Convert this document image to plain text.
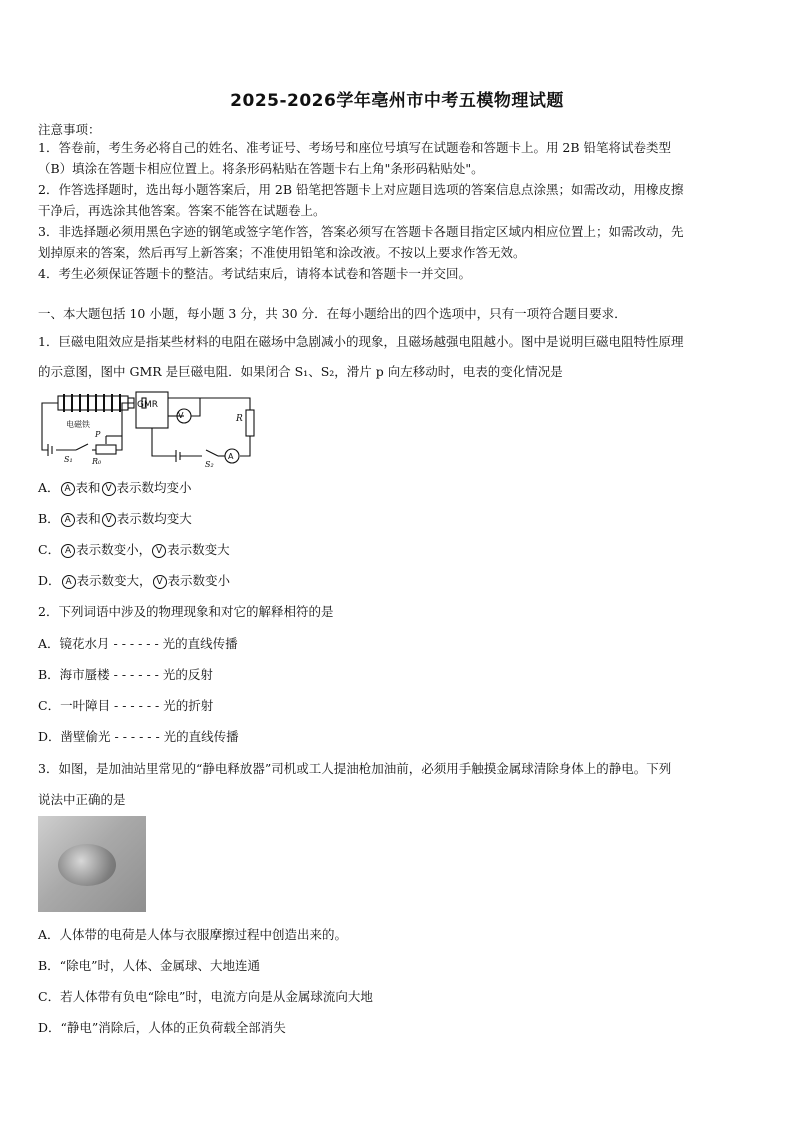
2025-2026学年亳州市中考五模物理试题
注意事项：
1．答卷前，考生务必将自己的姓名、准考证号、考场号和座位号填写在试题卷和答题卡上。用 2B 铅笔将试卷类型
（B）填涂在答题卡相应位置上。将条形码粘贴在答题卡右上角"条形码粘贴处"。
2．作答选择题时，选出每小题答案后，用 2B 铅笔把答题卡上对应题目选项的答案信息点涂黑；如需改动，用橡皮擦
干净后，再选涂其他答案。答案不能答在试题卷上。
3．非选择题必须用黑色字迹的钢笔或签字笔作答，答案必须写在答题卡各题目指定区域内相应位置上；如需改动，先
划掉原来的答案，然后再写上新答案；不准使用铅笔和涂改液。不按以上要求作答无效。
4．考生必须保证答题卡的整洁。考试结束后，请将本试卷和答题卡一并交回。
一、本大题包括 10 小题，每小题 3 分，共 30 分．在每小题给出的四个选项中，只有一项符合题目要求．
1．巨磁电阻效应是指某些材料的电阻在磁场中急剧减小的现象，且磁场越强电阻越小。图中是说明巨磁电阻特性原理
的示意图，图中 GMR 是巨磁电阻．如果闭合 S₁、S₂，滑片 p 向左移动时，电表的变化情况是
GMR
V
电磁铁
R
P
S₁ R₀	S₂
A
A． A 表和 V 表示数均变小
B． A 表和 V 表示数均变大
C． A 表示数变小， V 表示数变大
D． A 表示数变大， V 表示数变小
2．下列词语中涉及的物理现象和对它的解释相符的是
A．镜花水月 - - - - - - 光的直线传播
B．海市蜃楼 - - - - - - 光的反射
C．一叶障目 - - - - - - 光的折射
D．凿壁偷光 - - - - - - 光的直线传播
3．如图，是加油站里常见的“静电释放器”司机或工人提油枪加油前，必须用手触摸金属球清除身体上的静电。下列
说法中正确的是
A．人体带的电荷是人体与衣服摩擦过程中创造出来的。
B．“除电”时，人体、金属球、大地连通
C．若人体带有负电“除电”时，电流方向是从金属球流向大地
D．“静电”消除后，人体的正负荷载全部消失
